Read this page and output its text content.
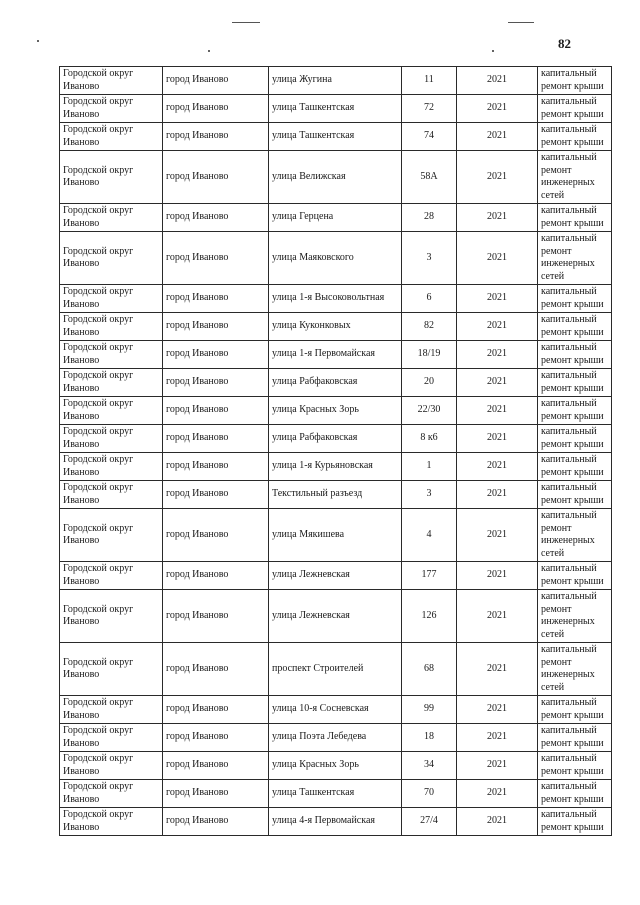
82
Городской округ Иваново	город Иваново	улица Жугина	11	2021	капитальный ремонт крыши
Городской округ Иваново	город Иваново	улица Ташкентская	72	2021	капитальный ремонт крыши
Городской округ Иваново	город Иваново	улица Ташкентская	74	2021	капитальный ремонт крыши
Городской округ Иваново	город Иваново	улица Велижская	58А	2021	капитальный ремонт инженерных сетей
Городской округ Иваново	город Иваново	улица Герцена	28	2021	капитальный ремонт крыши
Городской округ Иваново	город Иваново	улица Маяковского	3	2021	капитальный ремонт инженерных сетей
Городской округ Иваново	город Иваново	улица 1-я Высоковольтная	6	2021	капитальный ремонт крыши
Городской округ Иваново	город Иваново	улица Куконковых	82	2021	капитальный ремонт крыши
Городской округ Иваново	город Иваново	улица 1-я Первомайская	18/19	2021	капитальный ремонт крыши
Городской округ Иваново	город Иваново	улица Рабфаковская	20	2021	капитальный ремонт крыши
Городской округ Иваново	город Иваново	улица Красных Зорь	22/30	2021	капитальный ремонт крыши
Городской округ Иваново	город Иваново	улица Рабфаковская	8 к6	2021	капитальный ремонт крыши
Городской округ Иваново	город Иваново	улица 1-я Курьяновская	1	2021	капитальный ремонт крыши
Городской округ Иваново	город Иваново	Текстильный разъезд	3	2021	капитальный ремонт крыши
Городской округ Иваново	город Иваново	улица Мякишева	4	2021	капитальный ремонт инженерных сетей
Городской округ Иваново	город Иваново	улица Лежневская	177	2021	капитальный ремонт крыши
Городской округ Иваново	город Иваново	улица Лежневская	126	2021	капитальный ремонт инженерных сетей
Городской округ Иваново	город Иваново	проспект Строителей	68	2021	капитальный ремонт инженерных сетей
Городской округ Иваново	город Иваново	улица 10-я Сосневская	99	2021	капитальный ремонт крыши
Городской округ Иваново	город Иваново	улица Поэта Лебедева	18	2021	капитальный ремонт крыши
Городской округ Иваново	город Иваново	улица Красных Зорь	34	2021	капитальный ремонт крыши
Городской округ Иваново	город Иваново	улица Ташкентская	70	2021	капитальный ремонт крыши
Городской округ Иваново	город Иваново	улица 4-я Первомайская	27/4	2021	капитальный ремонт крыши
